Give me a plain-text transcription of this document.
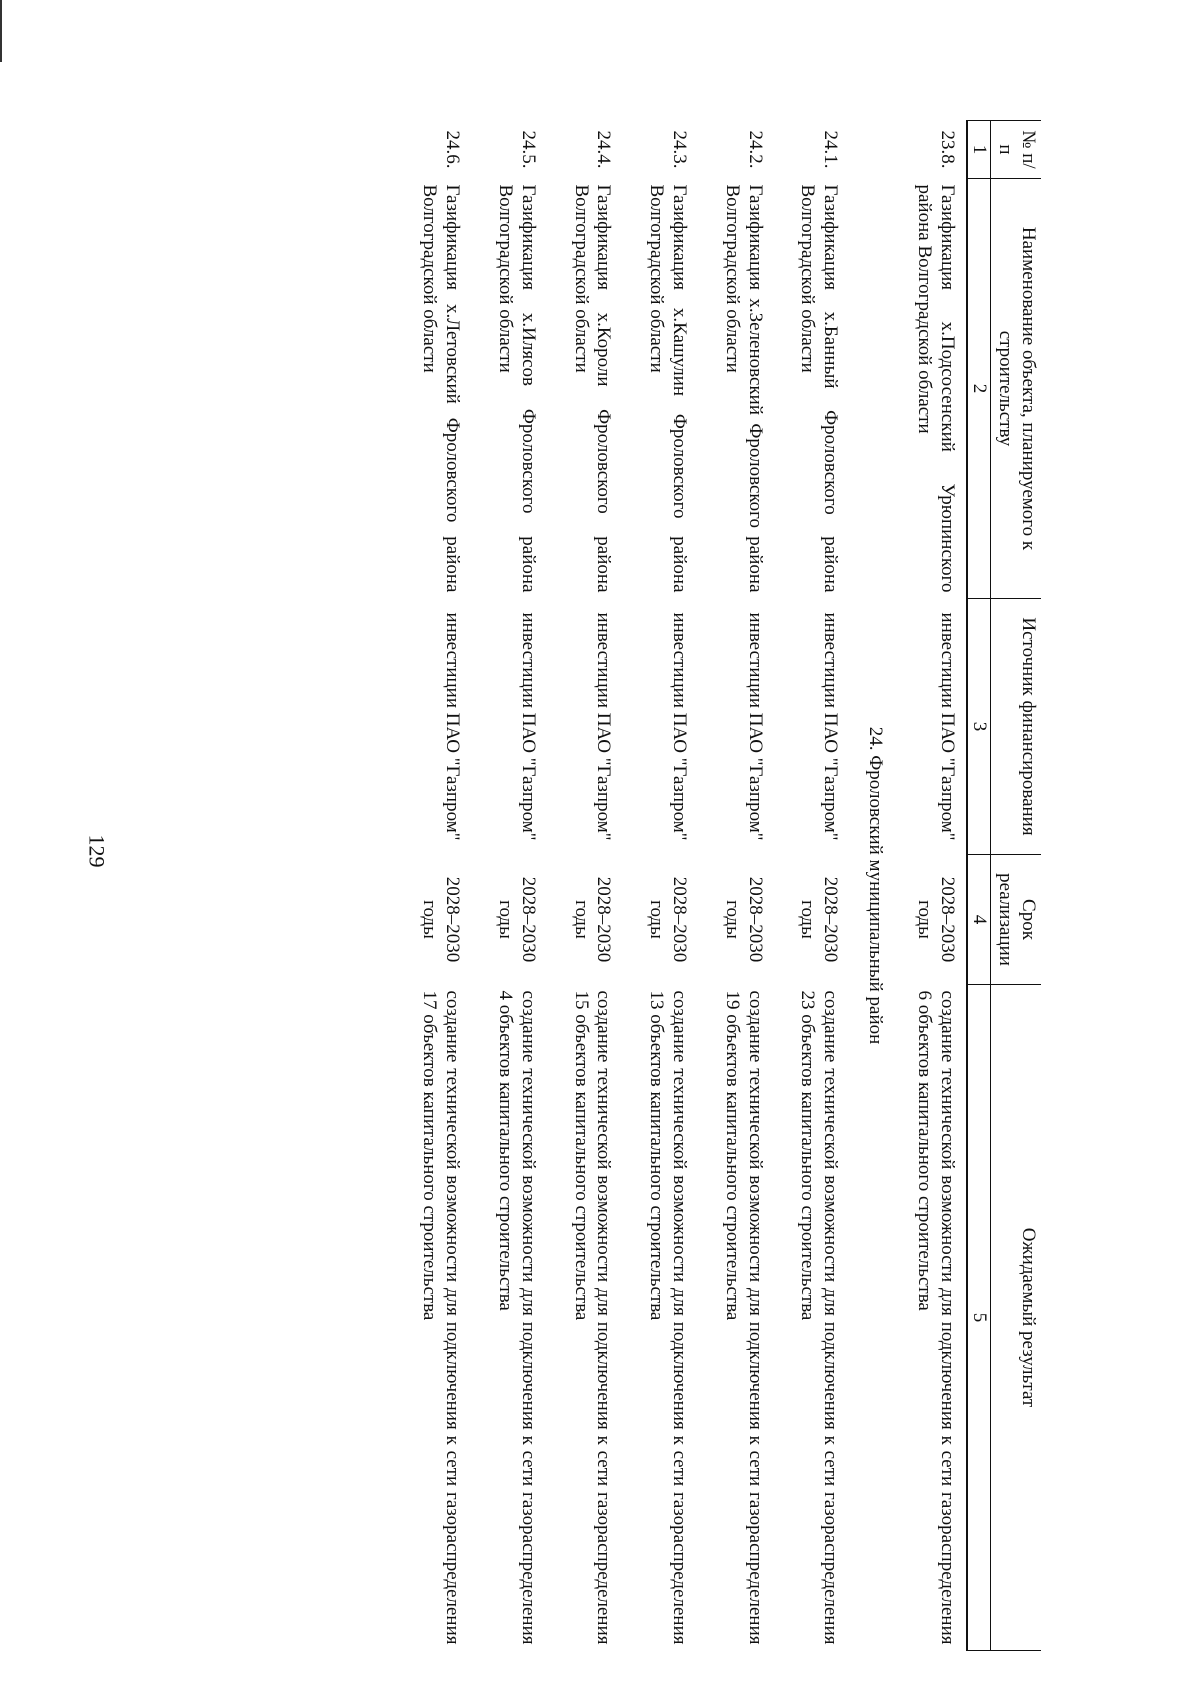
129
№ п/п	Наименование объекта, планируемого к строительству	Источник финансирования	Срок реализации	Ожидаемый результат
1	2	3	4	5
23.8.	Газификация х.Подсосенский Урюпинского района Волгоградской области	инвестиции ПАО "Газпром"	2028–2030 годы	создание технической возможности для подключения к сети газораспределения 6 объектов капитального строительства
24. Фроловский муниципальный район				
24.1.	Газификация х.Банный Фроловского района Волгоградской области	инвестиции ПАО "Газпром"	2028–2030 годы	создание технической возможности для подключения к сети газораспределения 23 объектов капитального строительства
24.2.	Газификация х.Зеленовский Фроловского района Волгоградской области	инвестиции ПАО "Газпром"	2028–2030 годы	создание технической возможности для подключения к сети газораспределения 19 объектов капитального строительства
24.3.	Газификация х.Кашулин Фроловского района Волгоградской области	инвестиции ПАО "Газпром"	2028–2030 годы	создание технической возможности для подключения к сети газораспределения 13 объектов капитального строительства
24.4.	Газификация х.Короли Фроловского района Волгоградской области	инвестиции ПАО "Газпром"	2028–2030 годы	создание технической возможности для подключения к сети газораспределения 15 объектов капитального строительства
24.5.	Газификация х.Илясов Фроловского района Волгоградской области	инвестиции ПАО "Газпром"	2028–2030 годы	создание технической возможности для подключения к сети газораспределения 4 объектов капитального строительства
24.6.	Газификация х.Летовский Фроловского района Волгоградской области	инвестиции ПАО "Газпром"	2028–2030 годы	создание технической возможности для подключения к сети газораспределения 17 объектов капитального строительства
